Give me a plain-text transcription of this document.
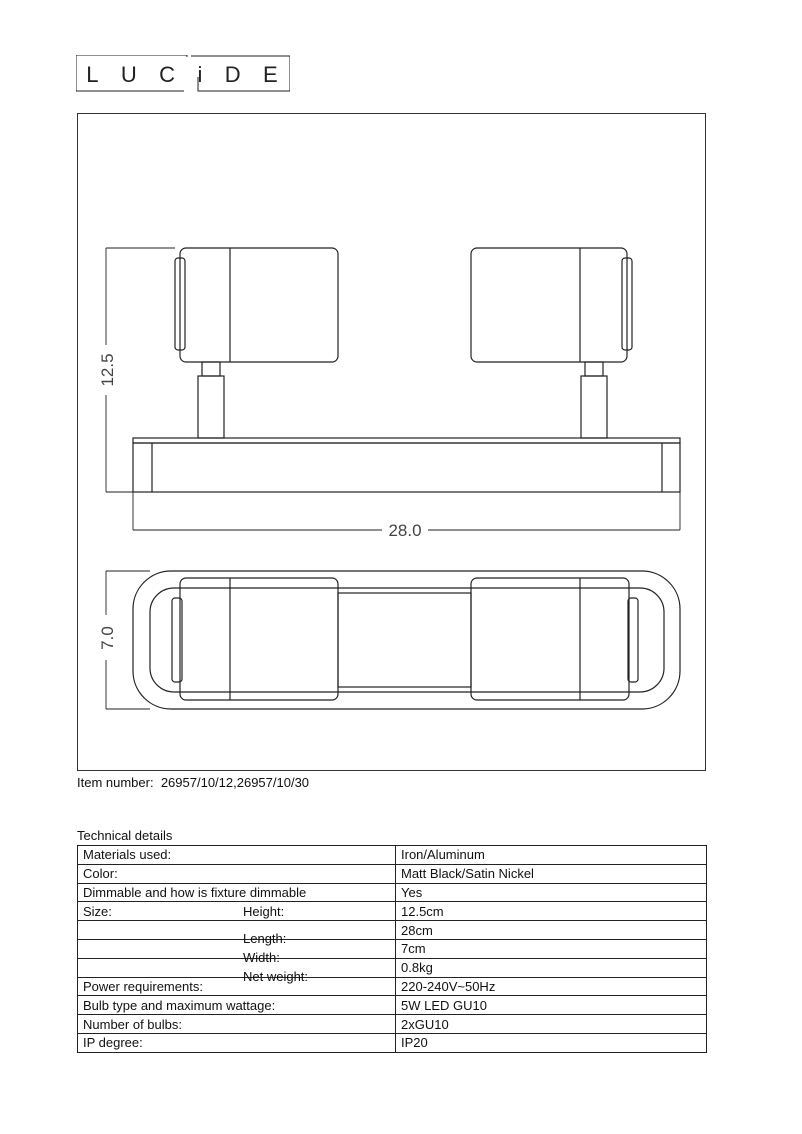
L U C i D E
12.5
28.0
7.0
Item number: 26957/10/12,26957/10/30
Technical details
Materials used:	Iron/Aluminum

Color:	Matt Black/Satin Nickel

Dimmable and how is fixture dimmable	Yes

Size: Height:	12.5cm

Length:	28cm

Width:	7cm

Net weight:	0.8kg

Power requirements:	220-240V~50Hz

Bulb type and maximum wattage:	5W LED GU10

Number of bulbs:	2xGU10

IP degree:	IP20
